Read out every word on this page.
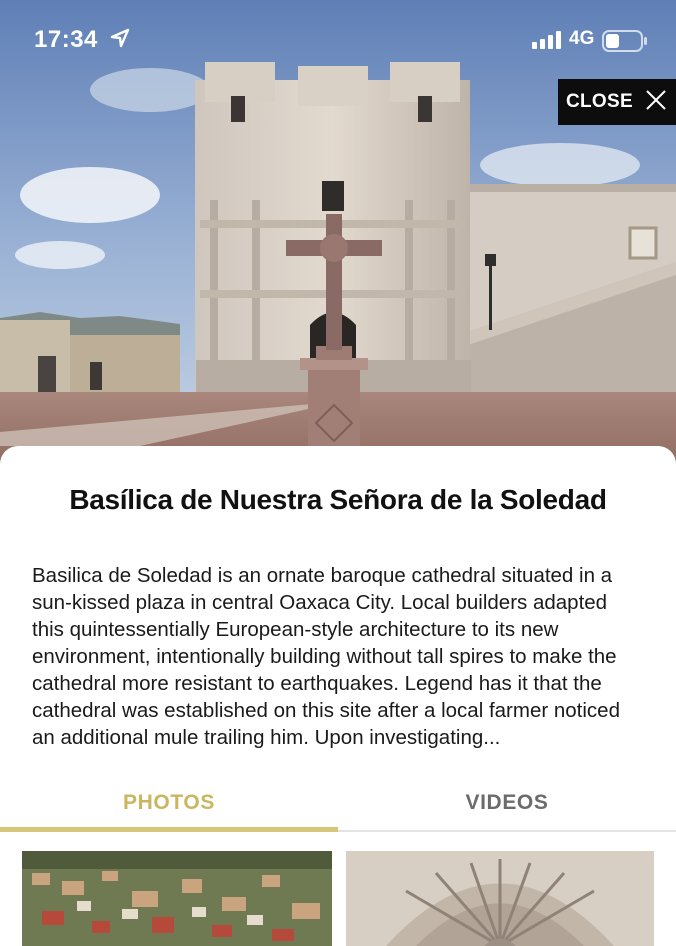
17:34	4G
CLOSE
Basílica de Nuestra Señora de la Soledad
Basilica de Soledad is an ornate baroque cathedral situated in a sun-kissed plaza in central Oaxaca City. Local builders adapted this quintessentially European-style architecture to its new environment, intentionally building without tall spires to make the cathedral more resistant to earthquakes. Legend has it that the cathedral was established on this site after a local farmer noticed an additional mule trailing him. Upon investigating...
PHOTOS	VIDEOS
